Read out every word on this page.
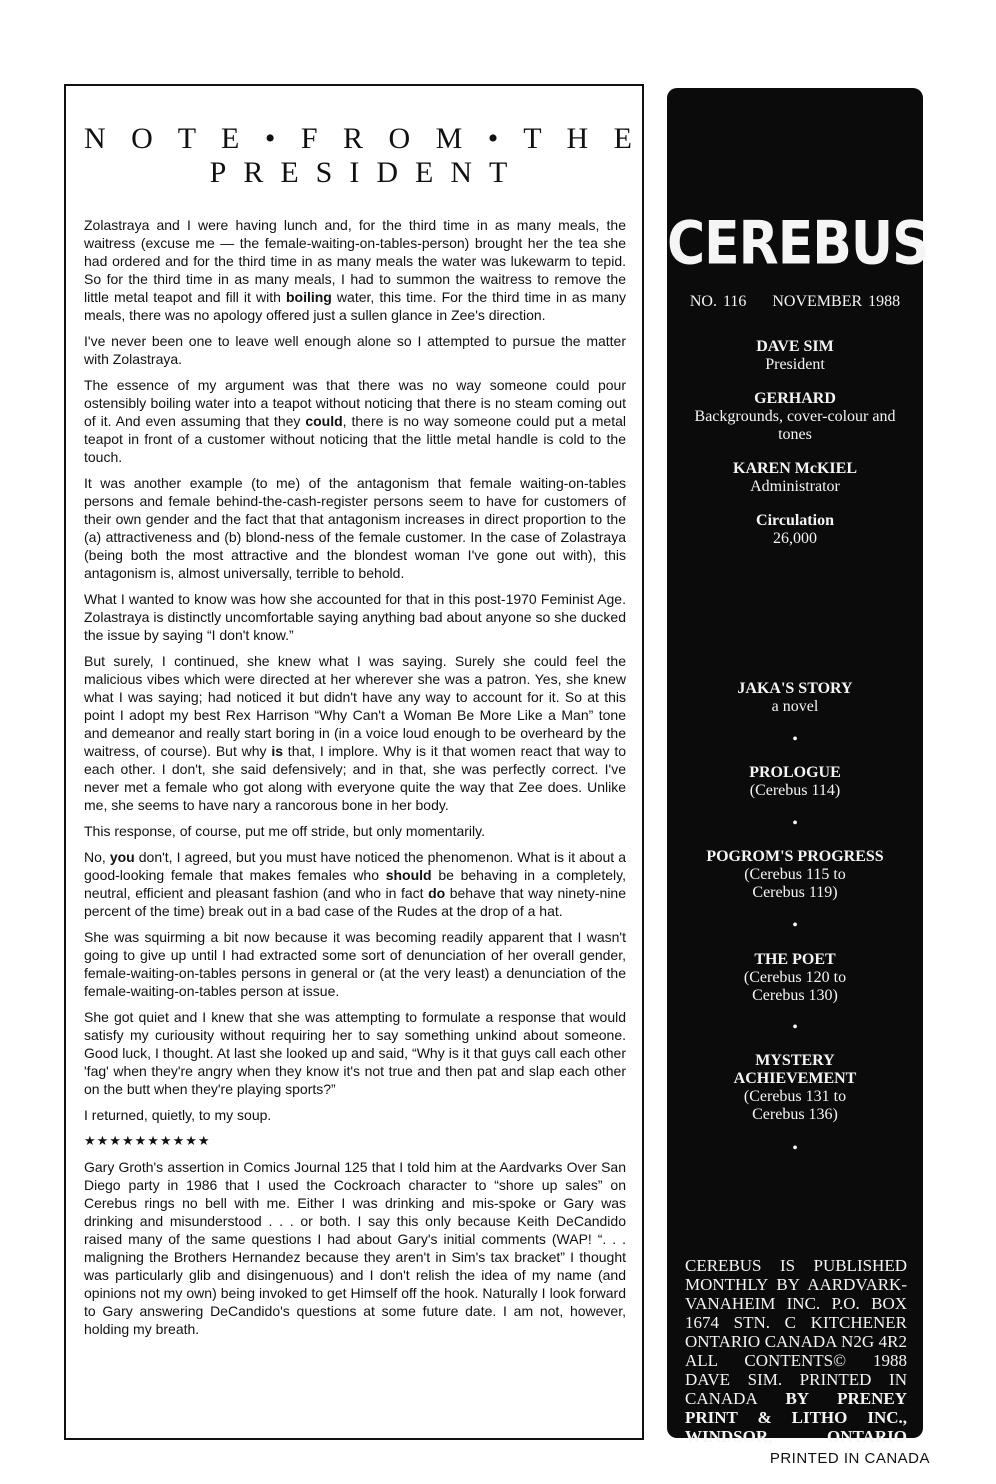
N O T E • F R O M • T H E
PRESIDENT

Zolastraya and I were having lunch and, for the third time in as many meals, the waitress (excuse me — the female-waiting-on-tables-person) brought her the tea she had ordered and for the third time in as many meals the water was lukewarm to tepid. So for the third time in as many meals, I had to summon the waitress to remove the little metal teapot and fill it with boiling water, this time. For the third time in as many meals, there was no apology offered just a sullen glance in Zee's direction.

I've never been one to leave well enough alone so I attempted to pursue the matter with Zolastraya.

The essence of my argument was that there was no way someone could pour ostensibly boiling water into a teapot without noticing that there is no steam coming out of it. And even assuming that they could, there is no way someone could put a metal teapot in front of a customer without noticing that the little metal handle is cold to the touch.

It was another example (to me) of the antagonism that female waiting-on-tables persons and female behind-the-cash-register persons seem to have for customers of their own gender and the fact that that antagonism increases in direct proportion to the (a) attractiveness and (b) blond-ness of the female customer. In the case of Zolastraya (being both the most attractive and the blondest woman I've gone out with), this antagonism is, almost universally, terrible to behold.

What I wanted to know was how she accounted for that in this post-1970 Feminist Age. Zolastraya is distinctly uncomfortable saying anything bad about anyone so she ducked the issue by saying “I don't know.”

But surely, I continued, she knew what I was saying. Surely she could feel the malicious vibes which were directed at her wherever she was a patron. Yes, she knew what I was saying; had noticed it but didn't have any way to account for it. So at this point I adopt my best Rex Harrison “Why Can't a Woman Be More Like a Man” tone and demeanor and really start boring in (in a voice loud enough to be overheard by the waitress, of course). But why is that, I implore. Why is it that women react that way to each other. I don't, she said defensively; and in that, she was perfectly correct. I've never met a female who got along with everyone quite the way that Zee does. Unlike me, she seems to have nary a rancorous bone in her body.

This response, of course, put me off stride, but only momentarily.

No, you don't, I agreed, but you must have noticed the phenomenon. What is it about a good-looking female that makes females who should be behaving in a completely, neutral, efficient and pleasant fashion (and who in fact do behave that way ninety-nine percent of the time) break out in a bad case of the Rudes at the drop of a hat.

She was squirming a bit now because it was becoming readily apparent that I wasn't going to give up until I had extracted some sort of denunciation of her overall gender, female-waiting-on-tables persons in general or (at the very least) a denunciation of the female-waiting-on-tables person at issue.

She got quiet and I knew that she was attempting to formulate a response that would satisfy my curiousity without requiring her to say something unkind about someone. Good luck, I thought. At last she looked up and said, “Why is it that guys call each other 'fag' when they're angry when they know it's not true and then pat and slap each other on the butt when they're playing sports?”

I returned, quietly, to my soup.

★★★★★★★★★★

Gary Groth's assertion in Comics Journal 125 that I told him at the Aardvarks Over San Diego party in 1986 that I used the Cockroach character to “shore up sales” on Cerebus rings no bell with me. Either I was drinking and mis-spoke or Gary was drinking and misunderstood . . . or both. I say this only because Keith DeCandido raised many of the same questions I had about Gary's initial comments (WAP! “. . . maligning the Brothers Hernandez because they aren't in Sim's tax bracket” I thought was particularly glib and disingenuous) and I don't relish the idea of my name (and opinions not my own) being invoked to get Himself off the hook. Naturally I look forward to Gary answering DeCandido's questions at some future date. I am not, however, holding my breath.

CEREBUS
NO. 116 NOVEMBER 1988
DAVE SIM
President
GERHARD
Backgrounds, cover-colour and tones
KAREN McKIEL
Administrator
Circulation
26,000
JAKA'S STORY
a novel
•
PROLOGUE
(Cerebus 114)
•
POGROM'S PROGRESS
(Cerebus 115 to Cerebus 119)
•
THE POET
(Cerebus 120 to Cerebus 130)
•
MYSTERY ACHIEVEMENT
(Cerebus 131 to Cerebus 136)
•
CEREBUS IS PUBLISHED MONTHLY BY AARDVARK-VANAHEIM INC. P.O. BOX 1674 STN. C KITCHENER ONTARIO CANADA N2G 4R2 ALL CONTENTS© 1988 DAVE SIM. PRINTED IN CANADA BY PRENEY PRINT & LITHO INC., WINDSOR, ONTARIO
PRINTED IN CANADA
